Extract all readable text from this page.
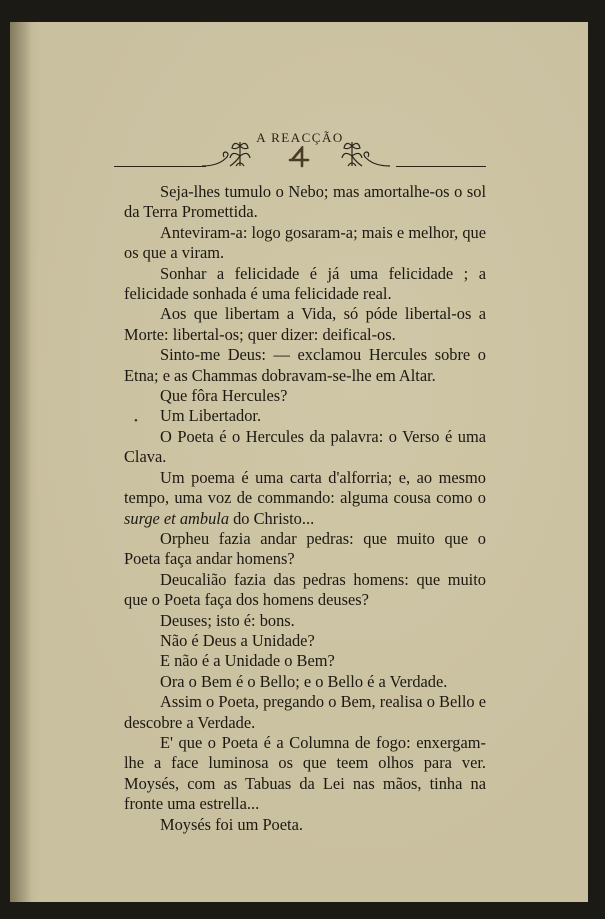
A REACÇÃO
•

Seja-lhes tumulo o Nebo; mas amortalhe-os o sol da Terra Promettida.

Anteviram-a: logo gosaram-a; mais e melhor, que os que a viram.

Sonhar a felicidade é já uma felicidade ; a felicidade sonhada é uma felicidade real.

Aos que libertam a Vida, só póde libertal-os a Morte: libertal-os; quer dizer: deifical-os.

Sinto-me Deus: — exclamou Hercules sobre o Etna; e as Chammas dobravam-se-lhe em Altar.

Que fôra Hercules?

Um Libertador.

O Poeta é o Hercules da palavra: o Verso é uma Clava.

Um poema é uma carta d'alforria; e, ao mesmo tempo, uma voz de commando: alguma cousa como o surge et ambula do Christo...

Orpheu fazia andar pedras: que muito que o Poeta faça andar homens?

Deucalião fazia das pedras homens: que muito que o Poeta faça dos homens deuses?

Deuses; isto é: bons.

Não é Deus a Unidade?

E não é a Unidade o Bem?

Ora o Bem é o Bello; e o Bello é a Verdade.

Assim o Poeta, pregando o Bem, realisa o Bello e descobre a Verdade.

E' que o Poeta é a Columna de fogo: enxergam-lhe a face luminosa os que teem olhos para ver. Moysés, com as Tabuas da Lei nas mãos, tinha na fronte uma estrella...

Moysés foi um Poeta.
